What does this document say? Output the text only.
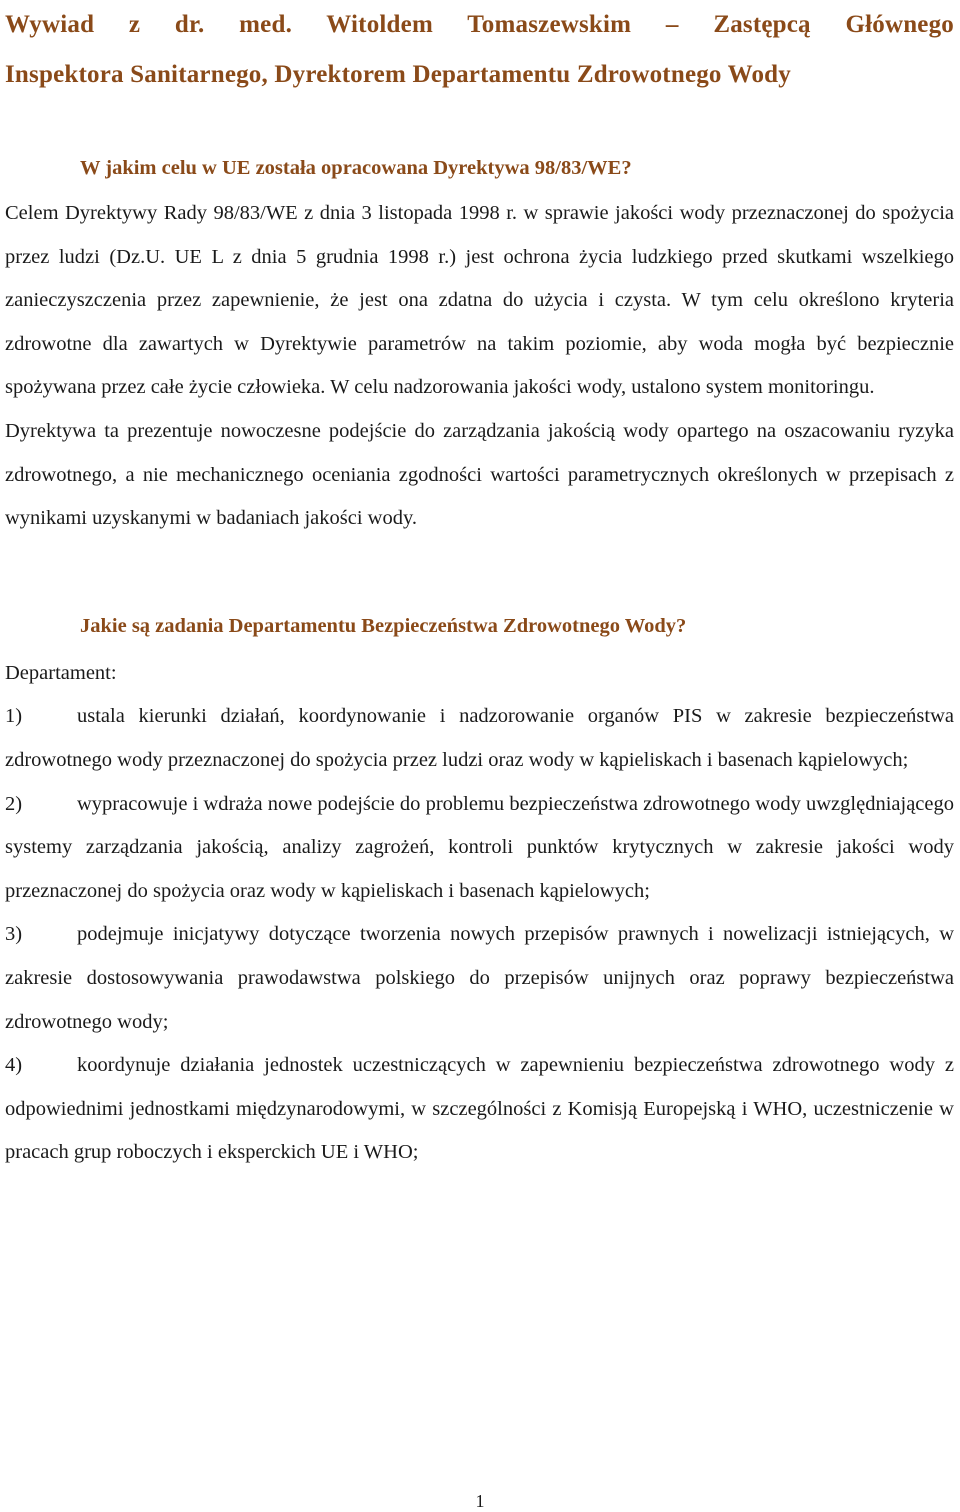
Wywiad z dr. med. Witoldem Tomaszewskim – Zastępcą Głównego
Inspektora Sanitarnego, Dyrektorem Departamentu Zdrowotnego Wody
W jakim celu w UE została opracowana Dyrektywa 98/83/WE?

Celem Dyrektywy Rady 98/83/WE z dnia 3 listopada 1998 r. w sprawie jakości wody przeznaczonej do spożycia przez ludzi (Dz.U. UE L z dnia 5 grudnia 1998 r.) jest ochrona życia ludzkiego przed skutkami wszelkiego zanieczyszczenia przez zapewnienie, że jest ona zdatna do użycia i czysta. W tym celu określono kryteria zdrowotne dla zawartych w Dyrektywie parametrów na takim poziomie, aby woda mogła być bezpiecznie spożywana przez całe życie człowieka. W celu nadzorowania jakości wody, ustalono system monitoringu.

Dyrektywa ta prezentuje nowoczesne podejście do zarządzania jakością wody opartego na oszacowaniu ryzyka zdrowotnego, a nie mechanicznego oceniania zgodności wartości parametrycznych określonych w przepisach z wynikami uzyskanymi w badaniach jakości wody.

Jakie są zadania Departamentu Bezpieczeństwa Zdrowotnego Wody?

Departament:

1)	ustala kierunki działań, koordynowanie i nadzorowanie organów PIS w zakresie bezpieczeństwa zdrowotnego wody przeznaczonej do spożycia przez ludzi oraz wody w kąpieliskach i basenach kąpielowych;

2)	wypracowuje i wdraża nowe podejście do problemu bezpieczeństwa zdrowotnego wody uwzględniającego systemy zarządzania jakością, analizy zagrożeń, kontroli punktów krytycznych w zakresie jakości wody przeznaczonej do spożycia oraz wody w kąpieliskach i basenach kąpielowych;

3)	podejmuje inicjatywy dotyczące tworzenia nowych przepisów prawnych i nowelizacji istniejących, w zakresie dostosowywania prawodawstwa polskiego do przepisów unijnych oraz poprawy bezpieczeństwa zdrowotnego wody;

4)	koordynuje działania jednostek uczestniczących w zapewnieniu bezpieczeństwa zdrowotnego wody z odpowiednimi jednostkami międzynarodowymi, w szczególności z Komisją Europejską i WHO, uczestniczenie w pracach grup roboczych i eksperckich UE i WHO;

1
